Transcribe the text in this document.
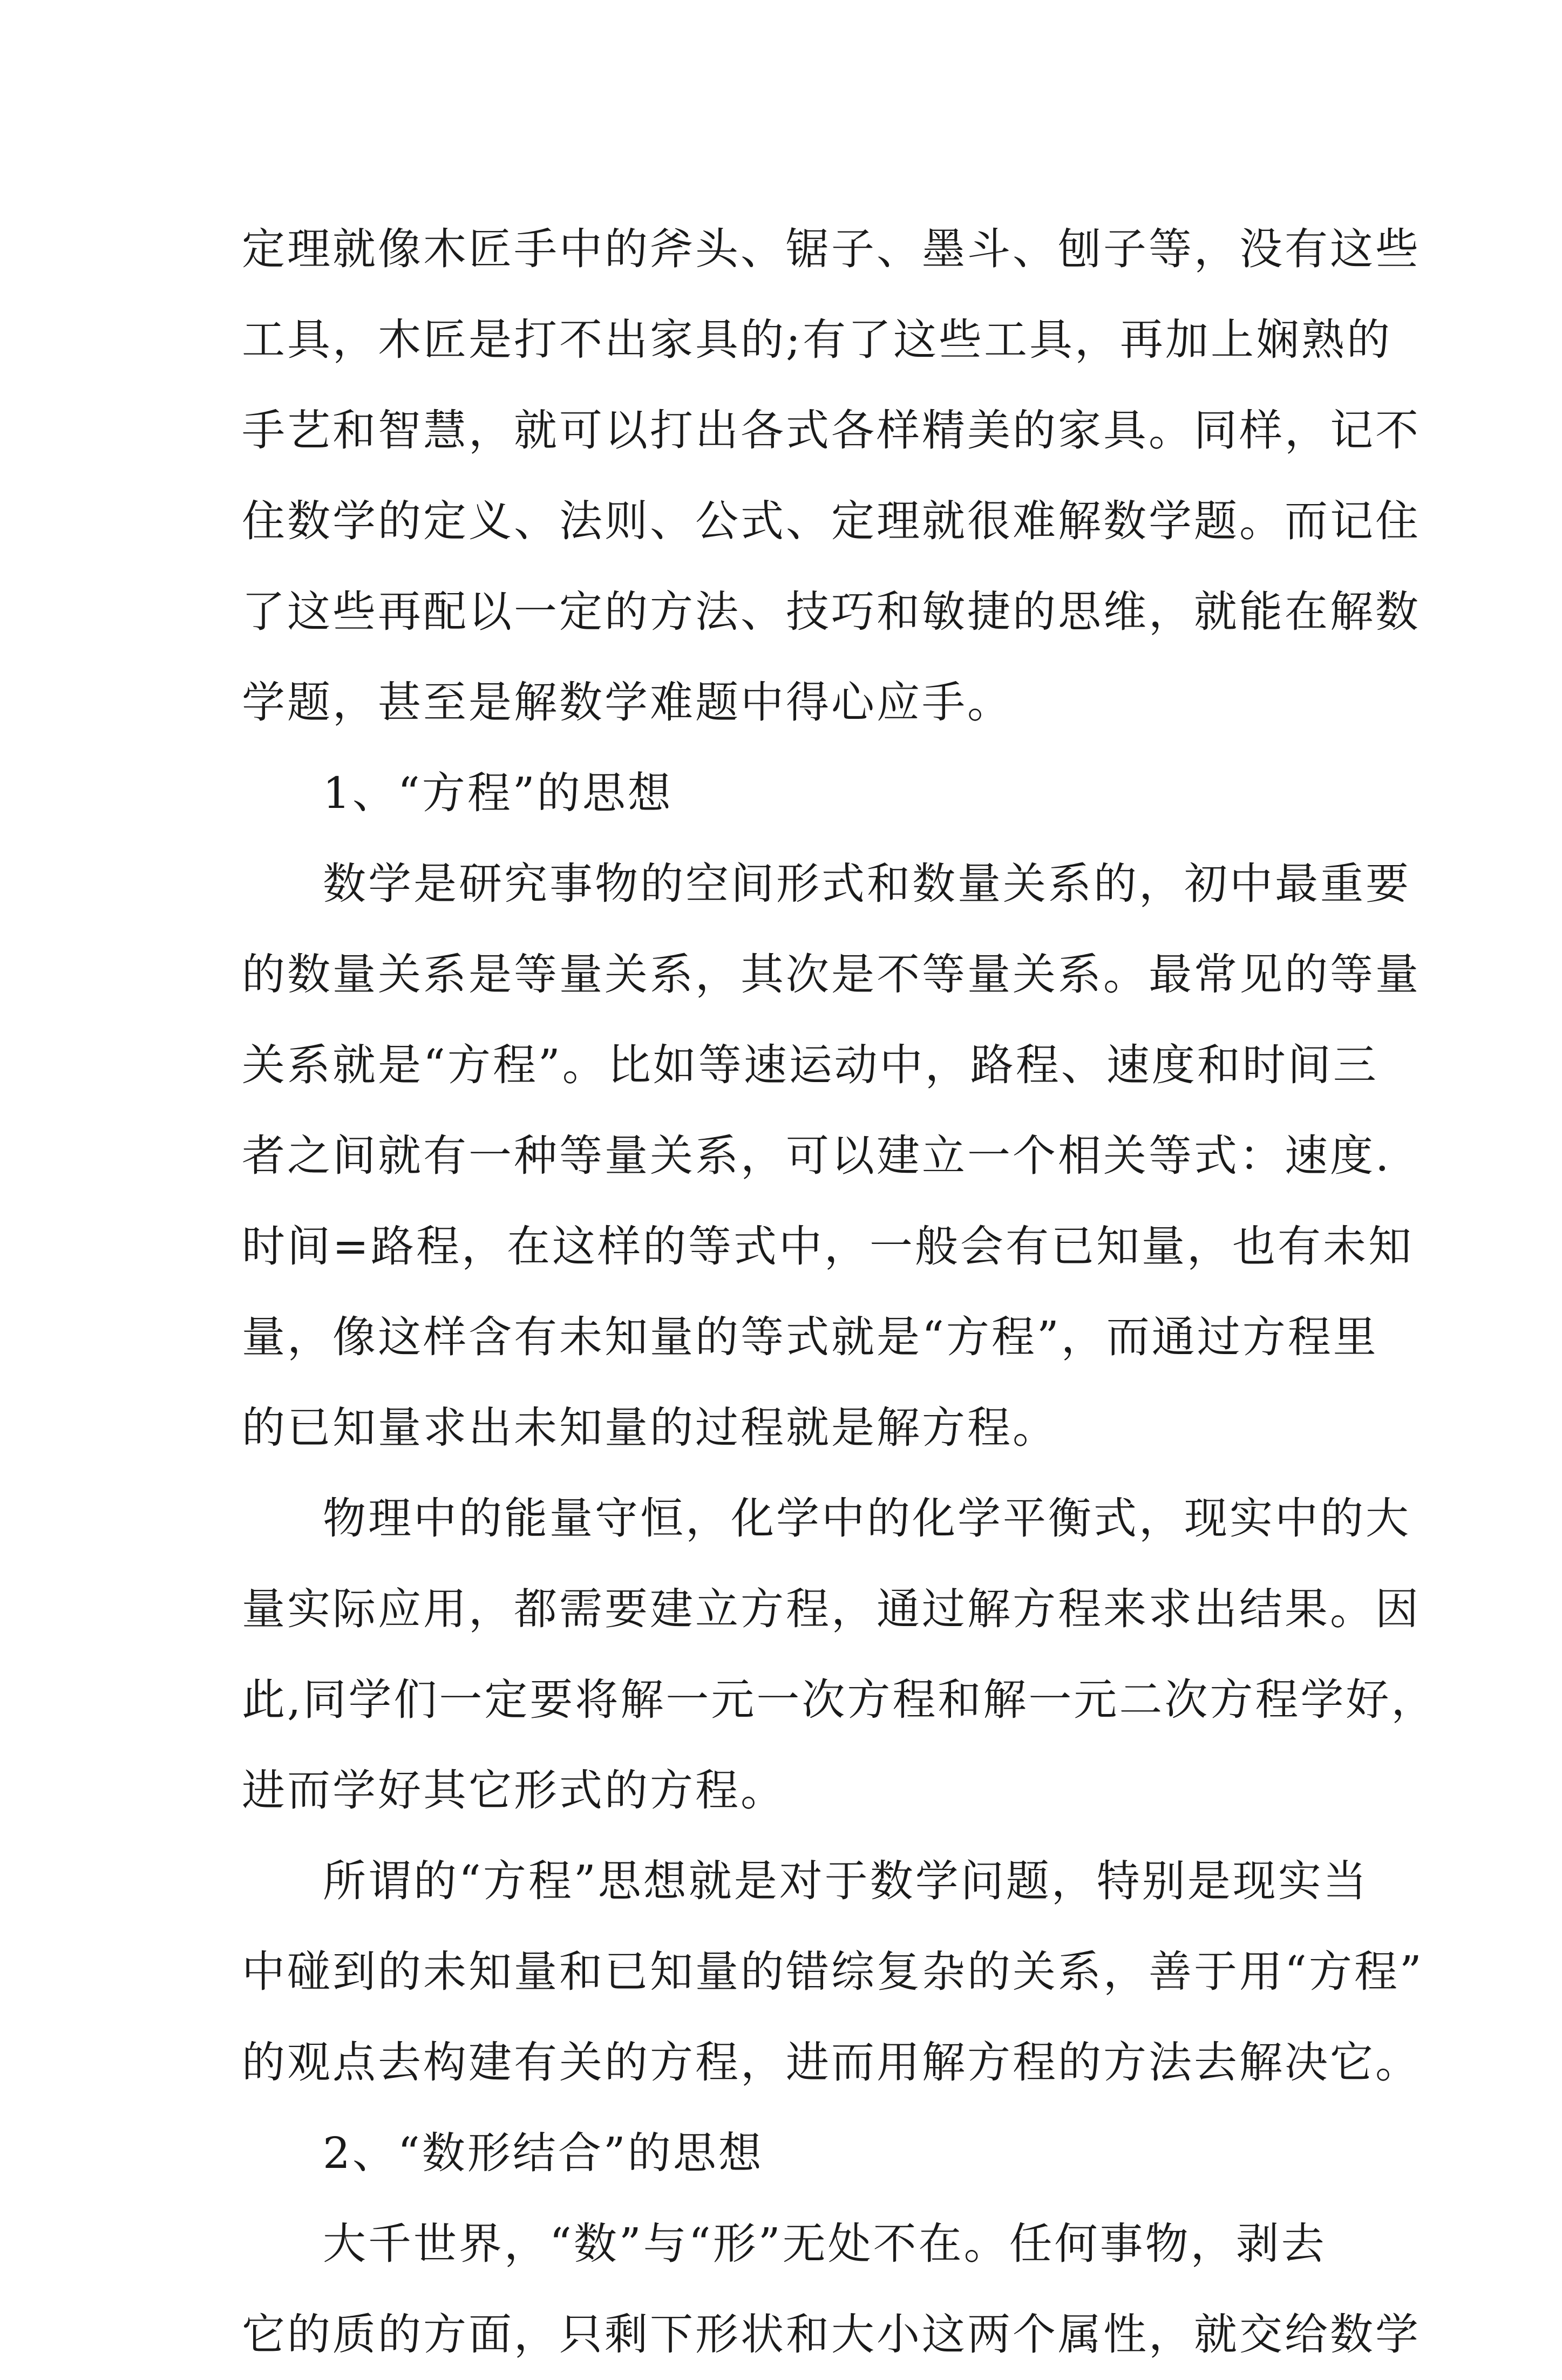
定理就像木匠手中的斧头、锯子、墨斗、刨子等，没有这些
工具，木匠是打不出家具的;有了这些工具，再加上娴熟的
手艺和智慧，就可以打出各式各样精美的家具。同样，记不
住数学的定义、法则、公式、定理就很难解数学题。而记住
了这些再配以一定的方法、技巧和敏捷的思维，就能在解数
学题，甚至是解数学难题中得心应手。
1、“方程”的思想
数学是研究事物的空间形式和数量关系的，初中最重要
的数量关系是等量关系，其次是不等量关系。最常见的等量
关系就是“方程”。比如等速运动中，路程、速度和时间三
者之间就有一种等量关系，可以建立一个相关等式：速度.
时间=路程，在这样的等式中，一般会有已知量，也有未知
量，像这样含有未知量的等式就是“方程”，而通过方程里
的已知量求出未知量的过程就是解方程。
物理中的能量守恒，化学中的化学平衡式，现实中的大
量实际应用，都需要建立方程，通过解方程来求出结果。因
此,同学们一定要将解一元一次方程和解一元二次方程学好，
进而学好其它形式的方程。
所谓的“方程”思想就是对于数学问题，特别是现实当
中碰到的未知量和已知量的错综复杂的关系，善于用“方程”
的观点去构建有关的方程，进而用解方程的方法去解决它。
2、“数形结合”的思想
大千世界，“数”与“形”无处不在。任何事物，剥去
它的质的方面，只剩下形状和大小这两个属性，就交给数学
